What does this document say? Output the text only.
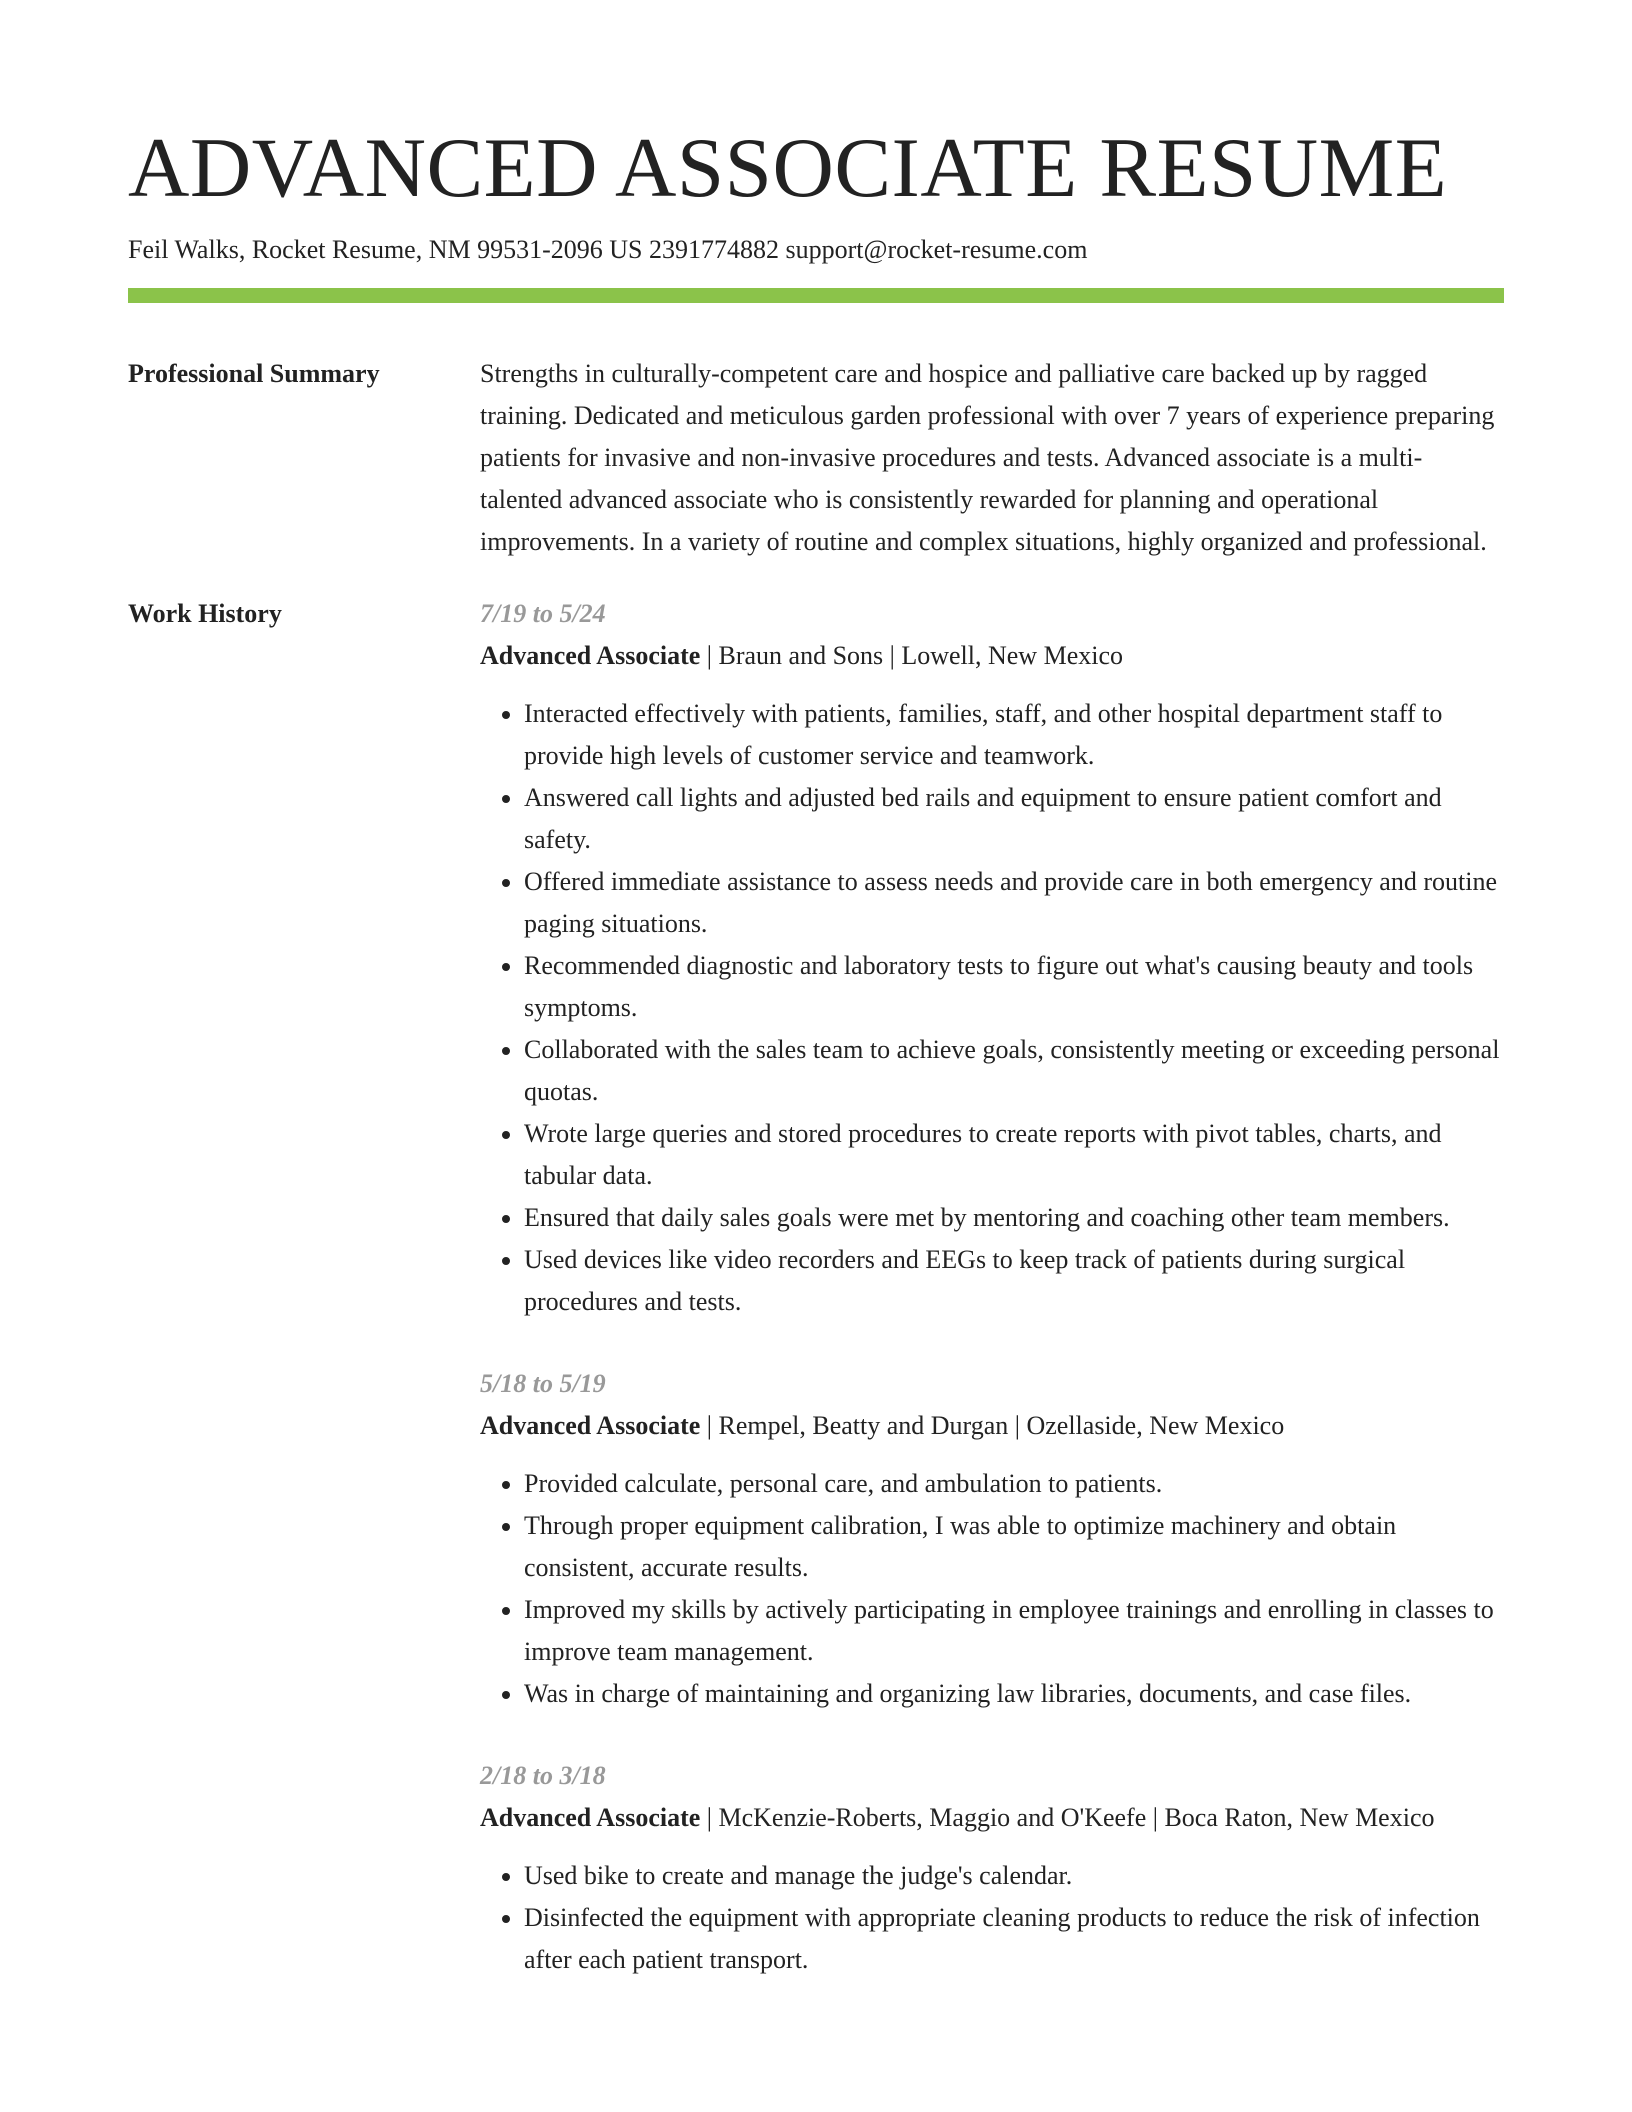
ADVANCED ASSOCIATE RESUME
Feil Walks, Rocket Resume, NM 99531-2096 US 2391774882 support@rocket-resume.com
Professional Summary	Strengths in culturally-competent care and hospice and palliative care backed up by ragged training. Dedicated and meticulous garden professional with over 7 years of experience preparing patients for invasive and non-invasive procedures and tests. Advanced associate is a multi-talented advanced associate who is consistently rewarded for planning and operational improvements. In a variety of routine and complex situations, highly organized and professional.

Work History	7/19 to 5/24
Advanced Associate | Braun and Sons | Lowell, New Mexico
• Interacted effectively with patients, families, staff, and other hospital department staff to provide high levels of customer service and teamwork.
• Answered call lights and adjusted bed rails and equipment to ensure patient comfort and safety.
• Offered immediate assistance to assess needs and provide care in both emergency and routine paging situations.
• Recommended diagnostic and laboratory tests to figure out what's causing beauty and tools symptoms.
• Collaborated with the sales team to achieve goals, consistently meeting or exceeding personal quotas.
• Wrote large queries and stored procedures to create reports with pivot tables, charts, and tabular data.
• Ensured that daily sales goals were met by mentoring and coaching other team members.
• Used devices like video recorders and EEGs to keep track of patients during surgical procedures and tests.
5/18 to 5/19
Advanced Associate | Rempel, Beatty and Durgan | Ozellaside, New Mexico
• Provided calculate, personal care, and ambulation to patients.
• Through proper equipment calibration, I was able to optimize machinery and obtain consistent, accurate results.
• Improved my skills by actively participating in employee trainings and enrolling in classes to improve team management.
• Was in charge of maintaining and organizing law libraries, documents, and case files.
2/18 to 3/18
Advanced Associate | McKenzie-Roberts, Maggio and O'Keefe | Boca Raton, New Mexico
• Used bike to create and manage the judge's calendar.
• Disinfected the equipment with appropriate cleaning products to reduce the risk of infection after each patient transport.
